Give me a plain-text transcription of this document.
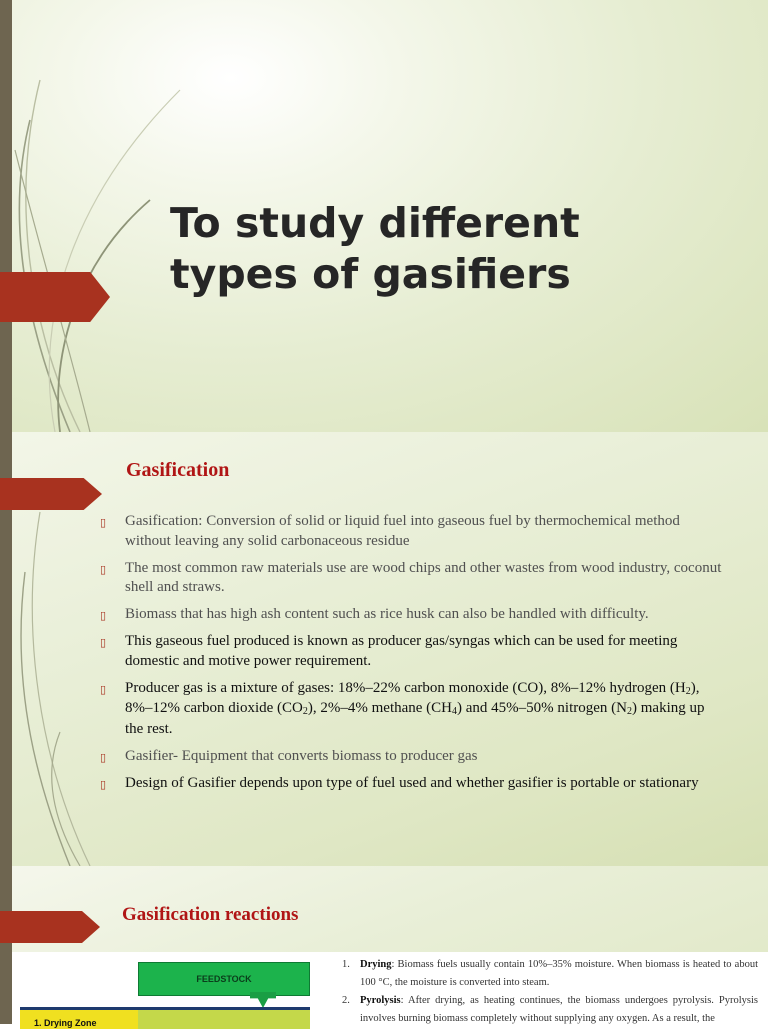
To study different
types of gasifiers
Gasification
▯ Gasification: Conversion of solid or liquid fuel into gaseous fuel by thermochemical method without leaving any solid carbonaceous residue
▯ The most common raw materials use are wood chips and other wastes from wood industry, coconut shell and straws.
▯ Biomass that has high ash content such as rice husk can also be handled with difficulty.
▯ This gaseous fuel produced is known as producer gas/syngas which can be used for meeting domestic and motive power requirement.
▯ Producer gas is a mixture of gases: 18%–22% carbon monoxide (CO), 8%–12% hydrogen $(H_2)$, 8%–12% carbon dioxide $(CO_2)$, 2%–4% methane $(CH_4)$ and 45%–50% nitrogen $(N_2)$ making up the rest.
▯ Gasifier- Equipment that converts biomass to producer gas
▯ Design of Gasifier depends upon type of fuel used and whether gasifier is portable or stationary
Gasification reactions
FEEDSTOCK
1. Drying Zone
1. Drying: Biomass fuels usually contain 10%–35% moisture. When biomass is heated to about 100 °C, the moisture is converted into steam.
2. Pyrolysis: After drying, as heating continues, the biomass undergoes pyrolysis. Pyrolysis involves burning biomass completely without supplying any oxygen. As a result, the
